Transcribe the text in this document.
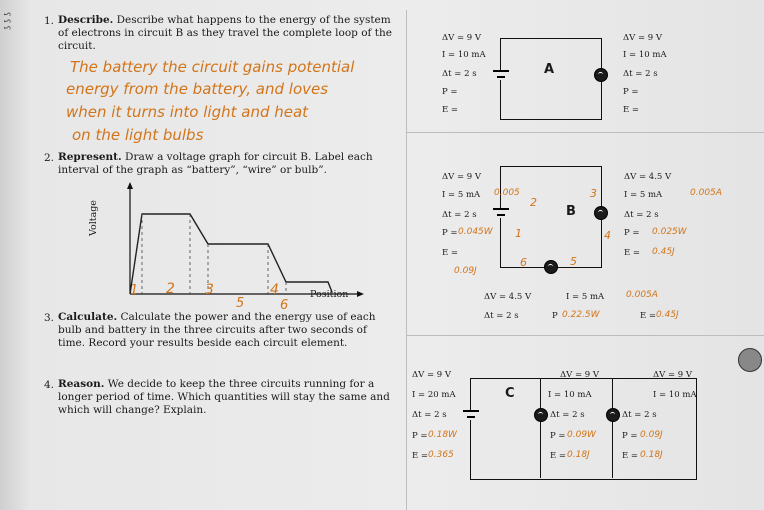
ʕ ʕ ʕ	1. Describe. Describe what happens to the energy of the system of electrons in circuit B as they travel the complete loop of the circuit.
The battery the circuit gains potential
energy from the battery, and loves
when it turns into light and heat
on the light bulbs
2. Represent. Draw a voltage graph for circuit B. Label each interval of the graph as “battery”, “wire” or bulb”.
Voltage
Position
1 2 3	4
5	6
3. Calculate. Calculate the power and the energy use of each bulb and battery in the three circuits after two seconds of time. Record your results beside each circuit element.
4. Reason. We decide to keep the three circuits running for a longer period of time. Which quantities will stay the same and which will change? Explain.
A
ΔV = 9 V
I = 10 mA
Δt = 2 s
P =
E =
ΔV = 9 V
I = 10 mA
Δt = 2 s
P =
E =
B
1
2
3
4
5
6
ΔV = 9 V
I = 5 mA 0.005
Δt = 2 s
P = 0.045W
E =
0.09J
ΔV = 4.5 V
I = 5 mA	0.005A
Δt = 2 s
P = 0.025W
E = 0.45J
ΔV = 4.5 V	I = 5 mA 0.005A
Δt = 2 s	P 0.22.5W	E = 0.45J
C
ΔV = 9 V
I = 20 mA
Δt = 2 s
P = 0.18W
E = 0.365
ΔV = 9 V
I = 10 mA
Δt = 2 s
P = 0.09W
E = 0.18J
ΔV = 9 V
I = 10 mA
Δt = 2 s
P = 0.09J
E = 0.18J
